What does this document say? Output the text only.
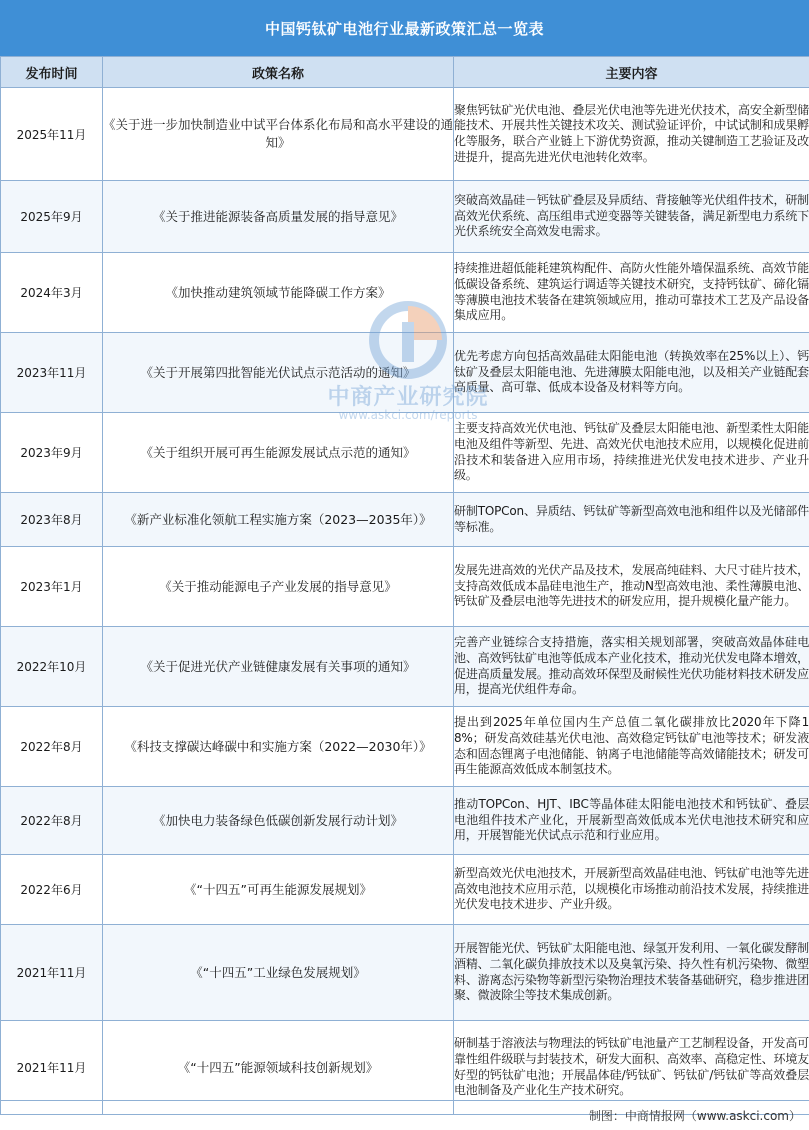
中国钙钛矿电池行业最新政策汇总一览表
发布时间	政策名称	主要内容
2025年11月	《关于进一步加快制造业中试平台体系化布局和高水平建设的通知》	聚焦钙钛矿光伏电池、叠层光伏电池等先进光伏技术，高安全新型储能技术、开展共性关键技术攻关、测试验证评价，中试试制和成果孵化等服务，联合产业链上下游优势资源，推动关键制造工艺验证及改进提升，提高先进光伏电池转化效率。
2025年9月	《关于推进能源装备高质量发展的指导意见》	突破高效晶硅－钙钛矿叠层及异质结、背接触等光伏组件技术，研制高效光伏系统、高压组串式逆变器等关键装备，满足新型电力系统下光伏系统安全高效发电需求。
2024年3月	《加快推动建筑领域节能降碳工作方案》	持续推进超低能耗建筑构配件、高防火性能外墙保温系统、高效节能低碳设备系统、建筑运行调适等关键技术研究，支持钙钛矿、碲化镉等薄膜电池技术装备在建筑领域应用，推动可靠技术工艺及产品设备集成应用。
2023年11月	《关于开展第四批智能光伏试点示范活动的通知》	优先考虑方向包括高效晶硅太阳能电池（转换效率在25%以上）、钙钛矿及叠层太阳能电池、先进薄膜太阳能电池，以及相关产业链配套高质量、高可靠、低成本设备及材料等方向。
2023年9月	《关于组织开展可再生能源发展试点示范的通知》	主要支持高效光伏电池、钙钛矿及叠层太阳能电池、新型柔性太阳能电池及组件等新型、先进、高效光伏电池技术应用，以规模化促进前沿技术和装备进入应用市场，持续推进光伏发电技术进步、产业升级。
2023年8月	《新产业标准化领航工程实施方案（2023—2035年）》	研制TOPCon、异质结、钙钛矿等新型高效电池和组件以及光储部件等标准。
2023年1月	《关于推动能源电子产业发展的指导意见》	发展先进高效的光伏产品及技术，发展高纯硅料、大尺寸硅片技术，支持高效低成本晶硅电池生产，推动N型高效电池、柔性薄膜电池、钙钛矿及叠层电池等先进技术的研发应用，提升规模化量产能力。
2022年10月	《关于促进光伏产业链健康发展有关事项的通知》	完善产业链综合支持措施，落实相关规划部署，突破高效晶体硅电池、高效钙钛矿电池等低成本产业化技术，推动光伏发电降本增效，促进高质量发展。推动高效环保型及耐候性光伏功能材料技术研发应用，提高光伏组件寿命。
2022年8月	《科技支撑碳达峰碳中和实施方案（2022—2030年）》	提出到2025年单位国内生产总值二氧化碳排放比2020年下降18%；研发高效硅基光伏电池、高效稳定钙钛矿电池等技术；研发液态和固态锂离子电池储能、钠离子电池储能等高效储能技术；研发可再生能源高效低成本制氢技术。
2022年8月	《加快电力装备绿色低碳创新发展行动计划》	推动TOPCon、HJT、IBC等晶体硅太阳能电池技术和钙钛矿、叠层电池组件技术产业化，开展新型高效低成本光伏电池技术研究和应用，开展智能光伏试点示范和行业应用。
2022年6月	《“十四五”可再生能源发展规划》	新型高效光伏电池技术，开展新型高效晶硅电池、钙钛矿电池等先进高效电池技术应用示范，以规模化市场推动前沿技术发展，持续推进光伏发电技术进步、产业升级。
2021年11月	《“十四五”工业绿色发展规划》	开展智能光伏、钙钛矿太阳能电池、绿氢开发利用、一氧化碳发酵制酒精、二氧化碳负排放技术以及臭氧污染、持久性有机污染物、微塑料、游离态污染物等新型污染物治理技术装备基础研究，稳步推进团聚、微波除尘等技术集成创新。
2021年11月	《“十四五”能源领域科技创新规划》	研制基于溶液法与物理法的钙钛矿电池量产工艺制程设备，开发高可靠性组件级联与封装技术，研发大面积、高效率、高稳定性、环境友好型的钙钛矿电池；开展晶体硅/钙钛矿、钙钛矿/钙钛矿等高效叠层电池制备及产业化生产技术研究。
中商产业研究院
www.askci.com/reports
制图：中商情报网（www.askci.com）
